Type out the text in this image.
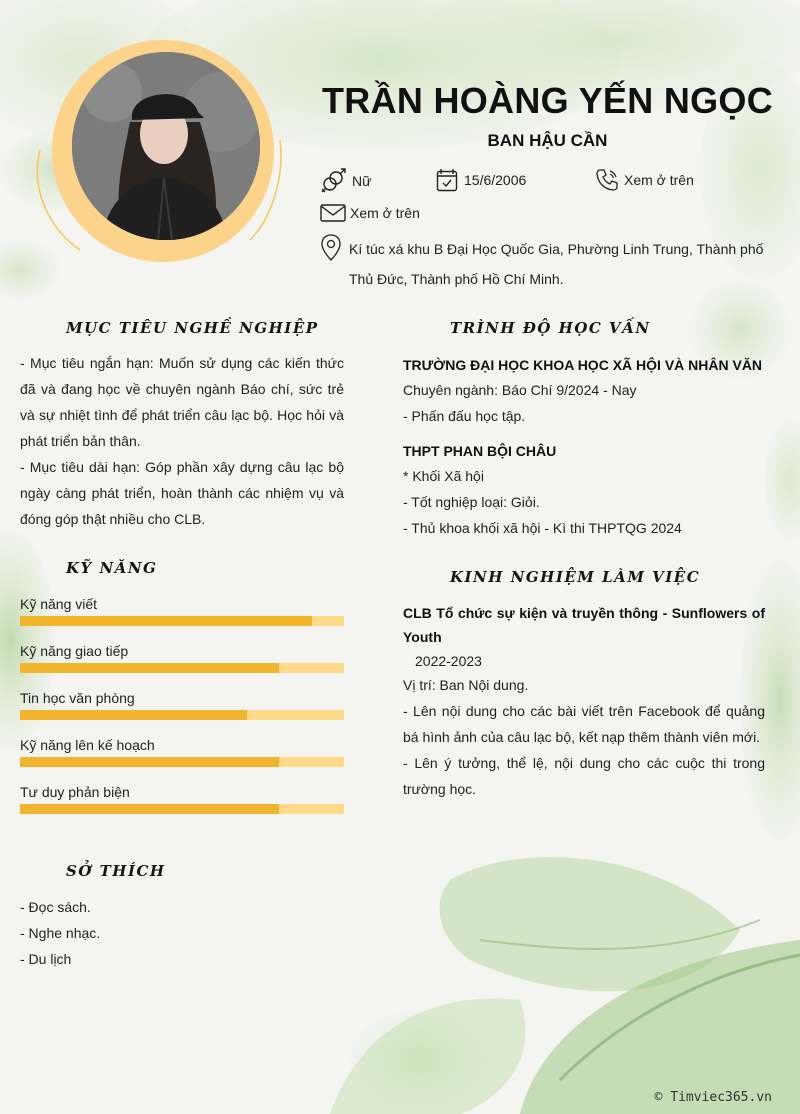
TRẦN HOÀNG YẾN NGỌC
BAN HẬU CẦN
Nữ	15/6/2006	Xem ở trên
Xem ở trên
Kí túc xá khu B Đại Học Quốc Gia, Phường Linh Trung, Thành phố Thủ Đức, Thành phố Hồ Chí Minh.
MỤC TIÊU NGHỀ NGHIỆP

- Mục tiêu ngắn hạn: Muốn sử dụng các kiến thức đã và đang học về chuyên ngành Báo chí, sức trẻ và sự nhiệt tình để phát triển câu lạc bộ. Học hỏi và phát triển bản thân.

- Mục tiêu dài hạn: Góp phần xây dựng câu lạc bộ ngày càng phát triển, hoàn thành các nhiệm vụ và đóng góp thật nhiều cho CLB.

KỸ NĂNG
Kỹ năng viết
Kỹ năng giao tiếp
Tin học văn phòng
Kỹ năng lên kế hoạch
Tư duy phản biện
SỞ THÍCH
- Đọc sách.
- Nghe nhạc.
- Du lịch
TRÌNH ĐỘ HỌC VẤN
TRƯỜNG ĐẠI HỌC KHOA HỌC XÃ HỘI VÀ NHÂN VĂN
Chuyên ngành: Báo Chí 9/2024 - Nay
- Phấn đấu học tập.
THPT PHAN BỘI CHÂU
* Khối Xã hội
- Tốt nghiệp loại: Giỏi.
- Thủ khoa khối xã hội - Kì thi THPTQG 2024
KINH NGHIỆM LÀM VIỆC
CLB Tổ chức sự kiện và truyền thông - Sunflowers of Youth
2022-2023
Vị trí: Ban Nội dung.
- Lên nội dung cho các bài viết trên Facebook để quảng bá hình ảnh của câu lạc bộ, kết nạp thêm thành viên mới.
- Lên ý tưởng, thể lệ, nội dung cho các cuộc thi trong trường học.
© Timviec365.vn
